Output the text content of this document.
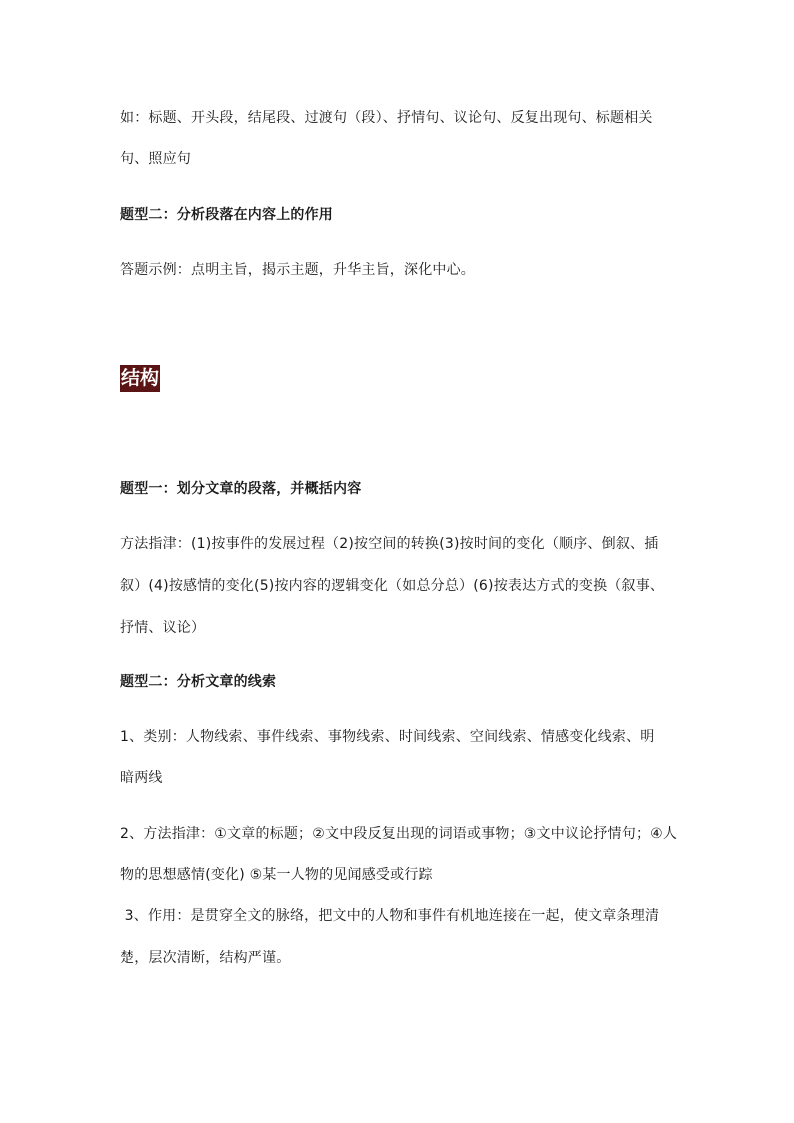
如：标题、开头段，结尾段、过渡句（段）、抒情句、议论句、反复出现句、标题相关
句、照应句
题型二：分析段落在内容上的作用
答题示例：点明主旨，揭示主题，升华主旨，深化中心。
结构
题型一：划分文章的段落，并概括内容
方法指津：(1)按事件的发展过程（2)按空间的转换(3)按时间的变化（顺序、倒叙、插
叙）(4)按感情的变化(5)按内容的逻辑变化（如总分总）(6)按表达方式的变换（叙事、
抒情、议论）
题型二：分析文章的线索
1、类别：人物线索、事件线索、事物线索、时间线索、空间线索、情感变化线索、明
暗两线
2、方法指津：①文章的标题；②文中段反复出现的词语或事物；③文中议论抒情句；④人
物的思想感情(变化) ⑤某一人物的见闻感受或行踪
3、作用：是贯穿全文的脉络，把文中的人物和事件有机地连接在一起，使文章条理清
楚，层次清断，结构严谨。
